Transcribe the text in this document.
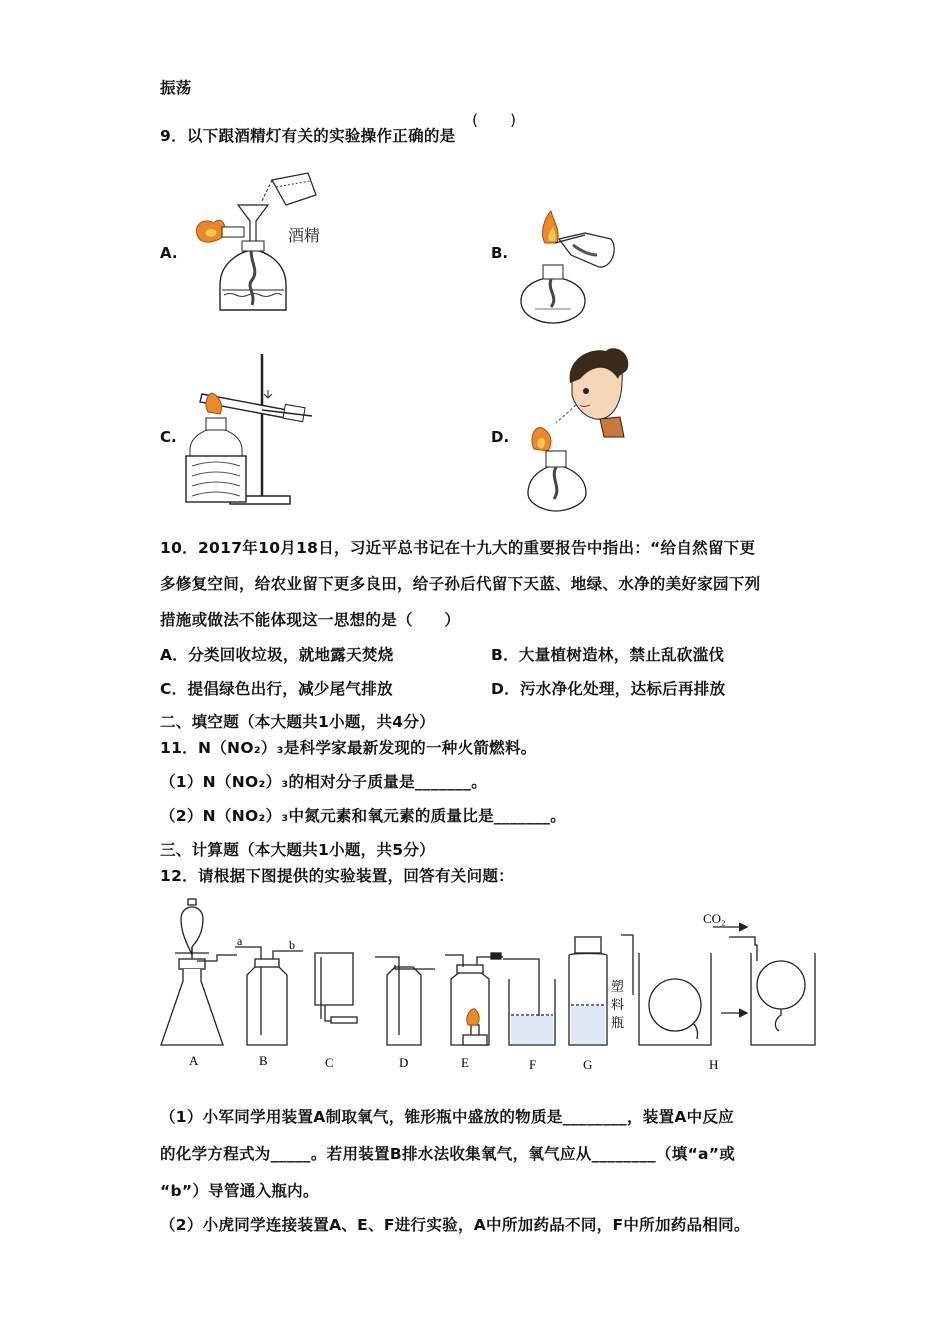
振荡
9．以下跟酒精灯有关的实验操作正确的是
(　　)
A.	B.
C.	D.
酒精
10．2017年10月18日，习近平总书记在十九大的重要报告中指出：“给自然留下更
多修复空间，给农业留下更多良田，给子孙后代留下天蓝、地绿、水净的美好家园下列
措施或做法不能体现这一思想的是（　　）
A．分类回收垃圾，就地露天焚烧	B．大量植树造林，禁止乱砍滥伐
C．提倡绿色出行，减少尾气排放	D．污水净化处理，达标后再排放
二、填空题（本大题共1小题，共4分）
11．N（NO₂）₃是科学家最新发现的一种火箭燃料。
（1）N（NO₂）₃的相对分子质量是_______。
（2）N（NO₂）₃中氮元素和氧元素的质量比是_______。
三、计算题（本大题共1小题，共5分）
12．请根据下图提供的实验装置，回答有关问题：
a	b
CO₂
塑
料
瓶
A	B	C	D	E	F	G	H
（1）小军同学用装置A制取氧气，锥形瓶中盛放的物质是________，装置A中反应
的化学方程式为_____。若用装置B排水法收集氧气，氧气应从________（填“a”或
“b”）导管通入瓶内。
（2）小虎同学连接装置A、E、F进行实验，A中所加药品不同，F中所加药品相同。
